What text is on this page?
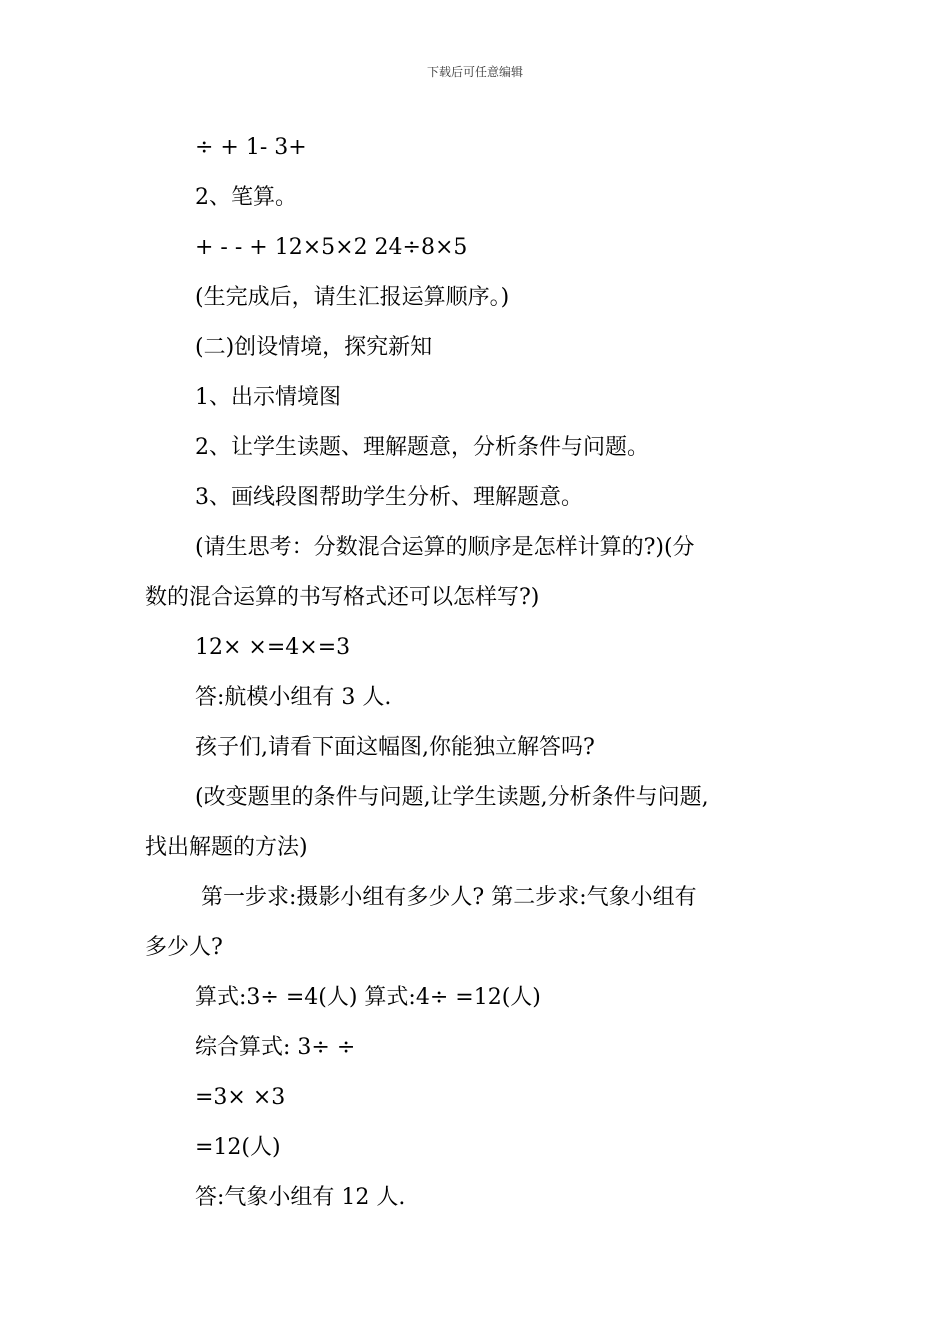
下载后可任意编辑
÷ + 1- 3+
2、笔算。
+ - - + 12×5×2 24÷8×5
(生完成后，请生汇报运算顺序。)
(二)创设情境，探究新知
1、出示情境图
2、让学生读题、理解题意，分析条件与问题。
3、画线段图帮助学生分析、理解题意。
(请生思考：分数混合运算的顺序是怎样计算的?)(分
数的混合运算的书写格式还可以怎样写?)
12× ×=4×=3
答:航模小组有 3 人.
孩子们,请看下面这幅图,你能独立解答吗?
(改变题里的条件与问题,让学生读题,分析条件与问题,
找出解题的方法)
第一步求:摄影小组有多少人? 第二步求:气象小组有
多少人?
算式:3÷ =4(人) 算式:4÷ =12(人)
综合算式: 3÷ ÷
=3× ×3
=12(人)
答:气象小组有 12 人.
